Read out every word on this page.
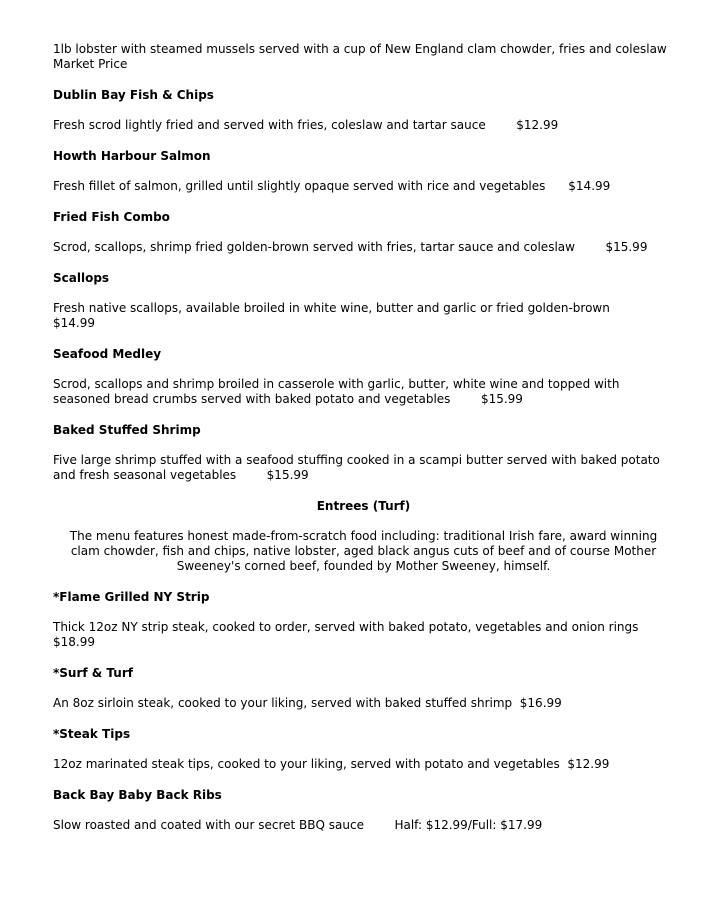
1lb lobster with steamed mussels served with a cup of New England clam chowder, fries and coleslaw

Market Price

Dublin Bay Fish & Chips

Fresh scrod lightly fried and served with fries, coleslaw and tartar sauce        $12.99

Howth Harbour Salmon

Fresh fillet of salmon, grilled until slightly opaque served with rice and vegetables      $14.99

Fried Fish Combo

Scrod, scallops, shrimp fried golden-brown served with fries, tartar sauce and coleslaw        $15.99

Scallops

Fresh native scallops, available broiled in white wine, butter and garlic or fried golden-brown
$14.99

Seafood Medley

Scrod, scallops and shrimp broiled in casserole with garlic, butter, white wine and topped with
seasoned bread crumbs served with baked potato and vegetables        $15.99

Baked Stuffed Shrimp

Five large shrimp stuffed with a seafood stuffing cooked in a scampi butter served with baked potato
and fresh seasonal vegetables        $15.99

Entrees (Turf)

The menu features honest made-from-scratch food including: traditional Irish fare, award winning clam chowder, fish and chips, native lobster, aged black angus cuts of beef and of course Mother Sweeney's corned beef, founded by Mother Sweeney, himself.

*Flame Grilled NY Strip

Thick 12oz NY strip steak, cooked to order, served with baked potato, vegetables and onion rings
$18.99

*Surf & Turf

An 8oz sirloin steak, cooked to your liking, served with baked stuffed shrimp  $16.99

*Steak Tips

12oz marinated steak tips, cooked to your liking, served with potato and vegetables  $12.99

Back Bay Baby Back Ribs

Slow roasted and coated with our secret BBQ sauce        Half: $12.99/Full: $17.99
